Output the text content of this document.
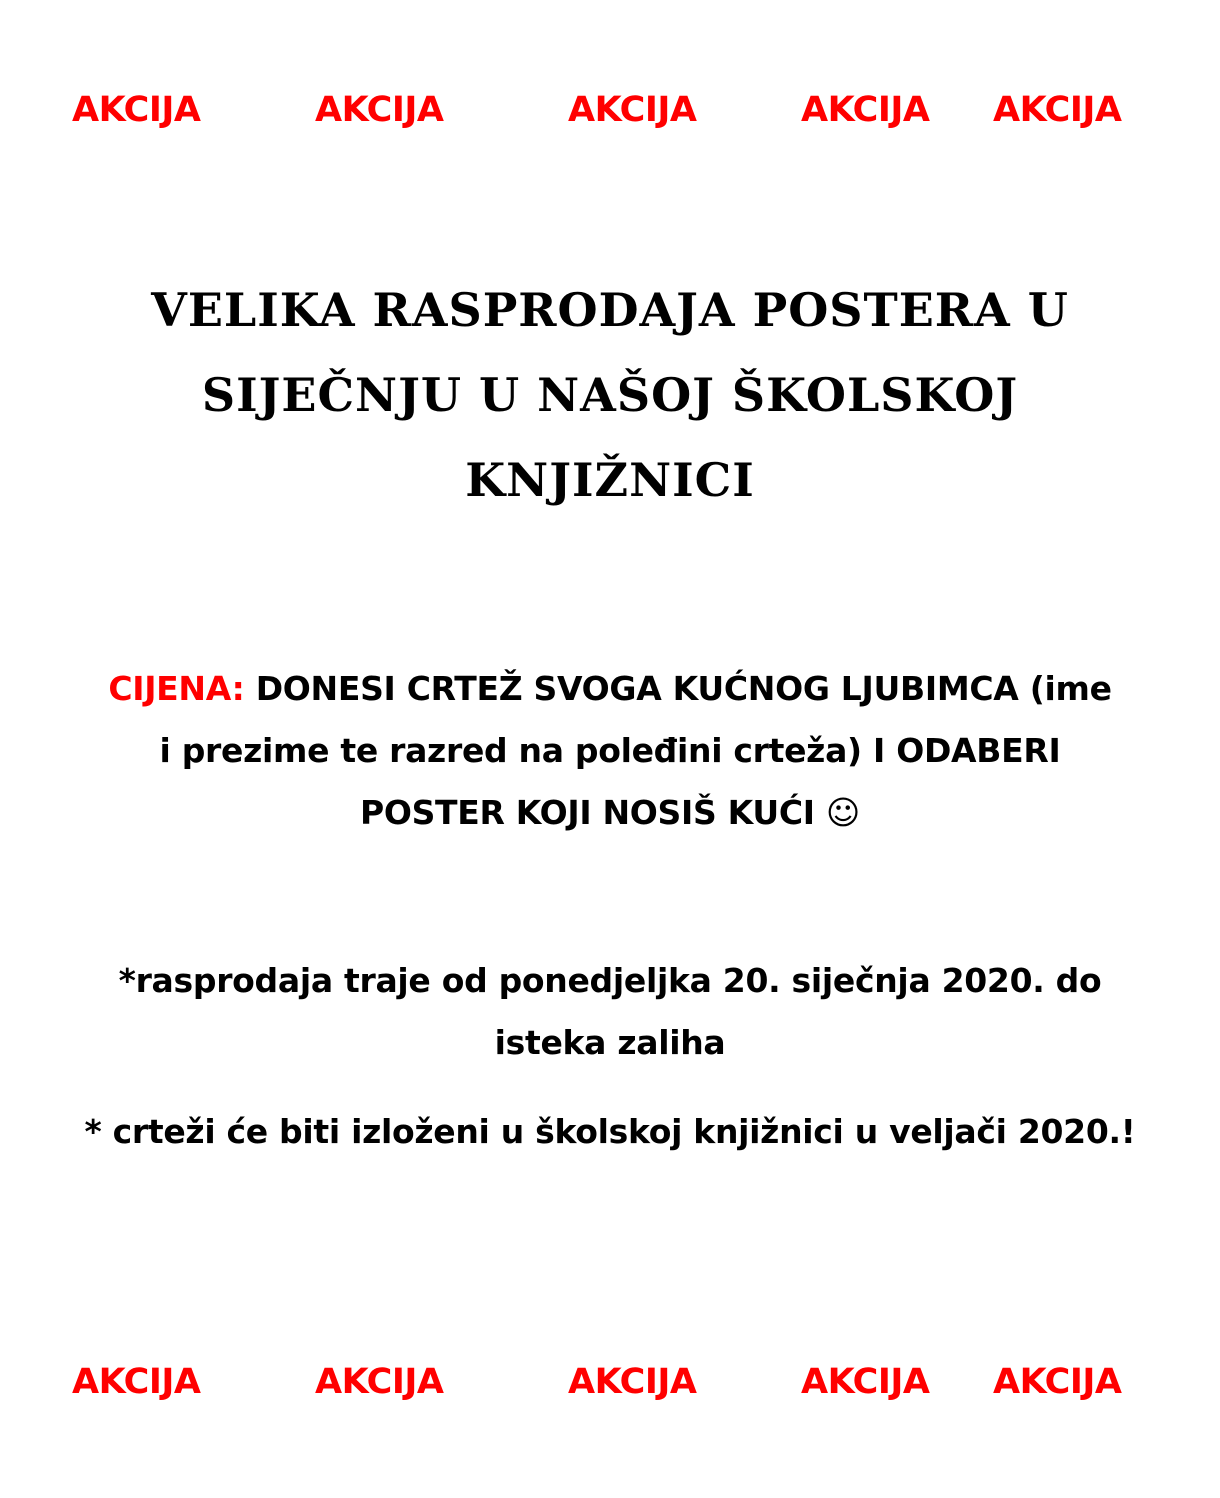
AKCIJA	AKCIJA	AKCIJA	AKCIJA AKCIJA
VELIKA RASPRODAJA POSTERA U
SIJEČNJU U NAŠOJ ŠKOLSKOJ
KNJIŽNICI
CIJENA: DONESI CRTEŽ SVOGA KUĆNOG LJUBIMCA (ime
i prezime te razred na poleđini crteža) I ODABERI
POSTER KOJI NOSIŠ KUĆI ☺
*rasprodaja traje od ponedjeljka 20. siječnja 2020. do
isteka zaliha
* crteži će biti izloženi u školskoj knjižnici u veljači 2020.!
AKCIJA	AKCIJA	AKCIJA	AKCIJA AKCIJA
